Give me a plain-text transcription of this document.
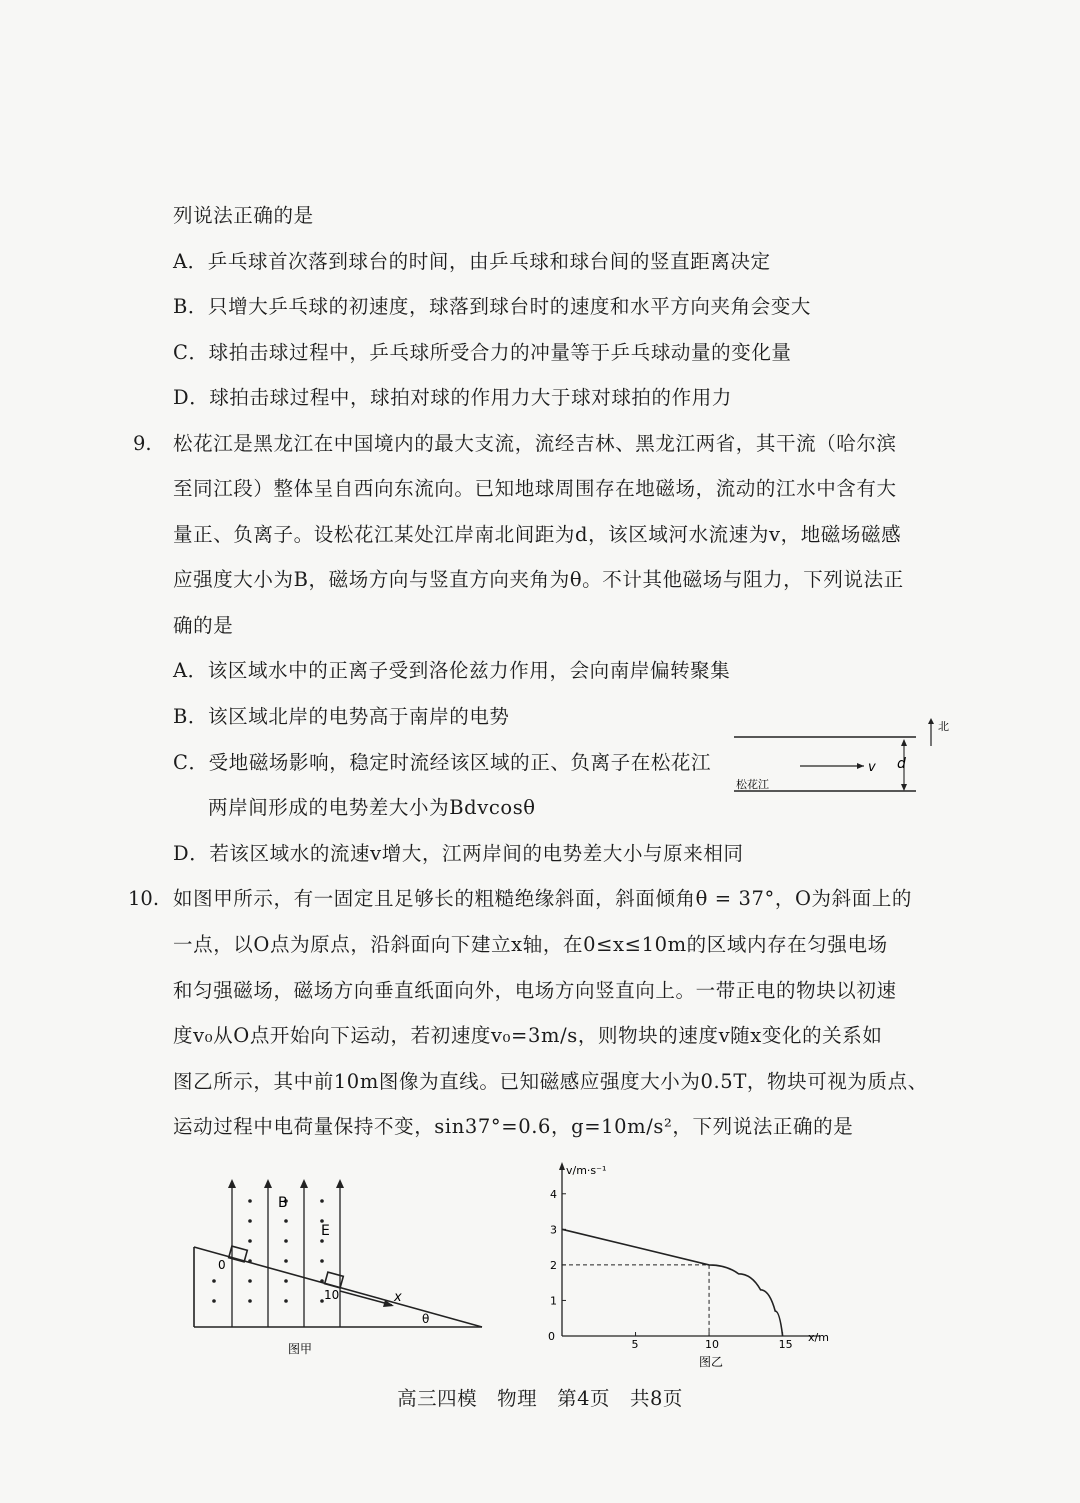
列说法正确的是
A．乒乓球首次落到球台的时间，由乒乓球和球台间的竖直距离决定
B．只增大乒乓球的初速度，球落到球台时的速度和水平方向夹角会变大
C．球拍击球过程中，乒乓球所受合力的冲量等于乒乓球动量的变化量
D．球拍击球过程中，球拍对球的作用力大于球对球拍的作用力
9. 松花江是黑龙江在中国境内的最大支流，流经吉林、黑龙江两省，其干流（哈尔滨
至同江段）整体呈自西向东流向。已知地球周围存在地磁场，流动的江水中含有大
量正、负离子。设松花江某处江岸南北间距为d，该区域河水流速为v，地磁场磁感
应强度大小为B，磁场方向与竖直方向夹角为θ。不计其他磁场与阻力，下列说法正
确的是
A．该区域水中的正离子受到洛伦兹力作用，会向南岸偏转聚集
B．该区域北岸的电势高于南岸的电势
C．受地磁场影响，稳定时流经该区域的正、负离子在松花江
两岸间形成的电势差大小为Bdvcosθ
D．若该区域水的流速v增大，江两岸间的电势差大小与原来相同
v d
北
松花江
10. 如图甲所示，有一固定且足够长的粗糙绝缘斜面，斜面倾角θ = 37°，O为斜面上的
一点，以O点为原点，沿斜面向下建立x轴，在0≤x≤10m的区域内存在匀强电场
和匀强磁场，磁场方向垂直纸面向外，电场方向竖直向上。一带正电的物块以初速
度v₀从O点开始向下运动，若初速度v₀=3m/s，则物块的速度v随x变化的关系如
图乙所示，其中前10m图像为直线。已知磁感应强度大小为0.5T，物块可视为质点、
运动过程中电荷量保持不变，sin37°=0.6，g=10m/s²，下列说法正确的是
B
E
0
10	x
θ
图甲
v/m·s⁻¹
x/m
0
5	10	15
1
2
3
4
图乙
高三四模　物理　第4页　共8页
